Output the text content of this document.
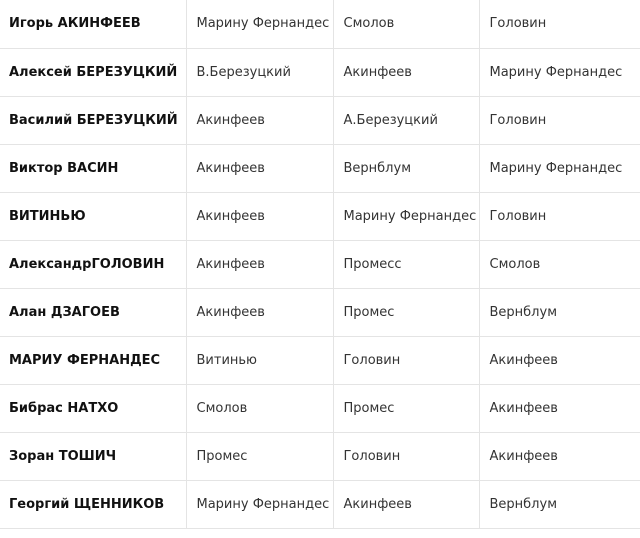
Игорь АКИНФЕЕВ	Марину Фернандес	Смолов	Головин
Алексей БЕРЕЗУЦКИЙ	В.Березуцкий	Акинфеев	Марину Фернандес
Василий БЕРЕЗУЦКИЙ	Акинфеев	А.Березуцкий	Головин
Виктор ВАСИН	Акинфеев	Вернблум	Марину Фернандес
ВИТИНЬЮ	Акинфеев	Марину Фернандес	Головин
АлександрГОЛОВИН	Акинфеев	Промесс	Смолов
Алан ДЗАГОЕВ	Акинфеев	Промес	Вернблум
МАРИУ ФЕРНАНДЕС	Витинью	Головин	Акинфеев
Бибрас НАТХО	Смолов	Промес	Акинфеев
Зоран ТОШИЧ	Промес	Головин	Акинфеев
Георгий ЩЕННИКОВ	Марину Фернандес	Акинфеев	Вернблум
